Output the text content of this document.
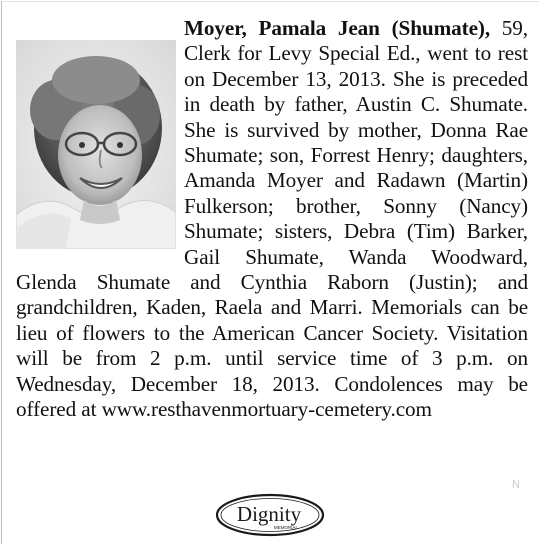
Moyer, Pamala Jean (Shumate), 59, Clerk for Levy Special Ed., went to rest on December 13, 2013. She is preceded in death by father, Austin C. Shumate. She is survived by mother, Donna Rae Shumate; son, Forrest Henry; daughters, Amanda Moyer and Radawn (Martin) Fulkerson; brother, Sonny (Nancy) Shumate; sisters, Debra (Tim) Barker, Gail Shumate, Wanda Woodward, Glenda Shumate and Cynthia Raborn (Justin); and grandchildren, Kaden, Raela and Marri. Memorials can be lieu of flowers to the American Cancer Society. Visitation will be from 2 p.m. until service time of 3 p.m. on Wednesday, December 18, 2013. Condolences may be offered at www.resthavenmortuary-cemetery.com
Dignity
MEMORIAL
N
